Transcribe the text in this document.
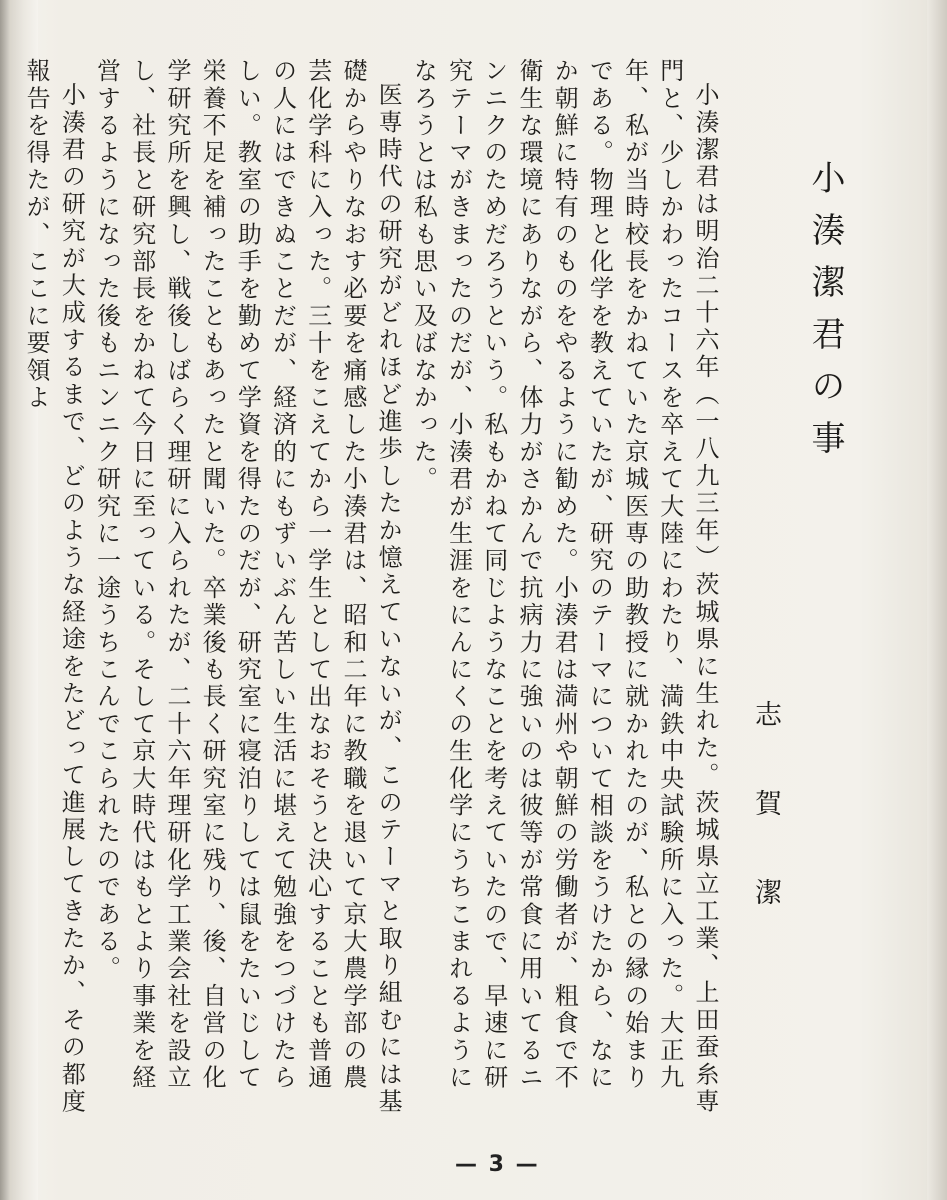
小湊潔君の事
志賀潔

小湊潔君は明治二十六年（一八九三年）茨城県に生れた。茨城県立工業、上田蚕糸専門と、少しかわったコースを卒えて大陸にわたり、満鉄中央試験所に入った。大正九年、私が当時校長をかねていた京城医専の助教授に就かれたのが、私との縁の始まりである。物理と化学を教えていたが、研究のテーマについて相談をうけたから、なにか朝鮮に特有のものをやるように勧めた。小湊君は満州や朝鮮の労働者が、粗食で不衛生な環境にありながら、体力がさかんで抗病力に強いのは彼等が常食に用いてるニンニクのためだろうという。私もかねて同じようなことを考えていたので、早速に研究テーマがきまったのだが、小湊君が生涯をにんにくの生化学にうちこまれるようになろうとは私も思い及ばなかった。

医専時代の研究がどれほど進歩したか憶えていないが、このテーマと取り組むには基礎からやりなおす必要を痛感した小湊君は、昭和二年に教職を退いて京大農学部の農芸化学科に入った。三十をこえてから一学生として出なおそうと決心することも普通の人にはできぬことだが、経済的にもずいぶん苦しい生活に堪えて勉強をつづけたらしい。教室の助手を勤めて学資を得たのだが、研究室に寝泊りしては鼠をたいじして栄養不足を補ったこともあったと聞いた。卒業後も長く研究室に残り、後、自営の化学研究所を興し、戦後しばらく理研に入られたが、二十六年理研化学工業会社を設立し、社長と研究部長をかねて今日に至っている。そして京大時代はもとより事業を経営するようになった後もニンニク研究に一途うちこんでこられたのである。

小湊君の研究が大成するまで、どのような経途をたどって進展してきたか、その都度報告を得たが、ここに要領よ

— 3 —
